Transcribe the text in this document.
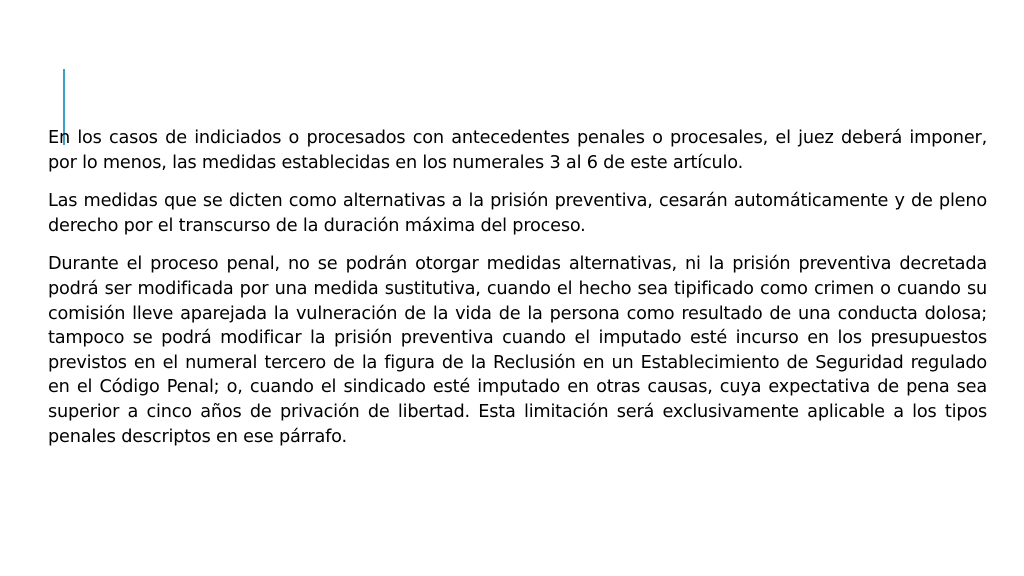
En los casos de indiciados o procesados con antecedentes penales o procesales, el juez deberá imponer, por lo menos, las medidas establecidas en los numerales 3 al 6 de este artículo.

Las medidas que se dicten como alternativas a la prisión preventiva, cesarán automáticamente y de pleno derecho por el transcurso de la duración máxima del proceso.

Durante el proceso penal, no se podrán otorgar medidas alternativas, ni la prisión preventiva decretada podrá ser modificada por una medida sustitutiva, cuando el hecho sea tipificado como crimen o cuando su comisión lleve aparejada la vulneración de la vida de la persona como resultado de una conducta dolosa; tampoco se podrá modificar la prisión preventiva cuando el imputado esté incurso en los presupuestos previstos en el numeral tercero de la figura de la Reclusión en un Establecimiento de Seguridad regulado en el Código Penal; o, cuando el sindicado esté imputado en otras causas, cuya expectativa de pena sea superior a cinco años de privación de libertad. Esta limitación será exclusivamente aplicable a los tipos penales descriptos en ese párrafo.
